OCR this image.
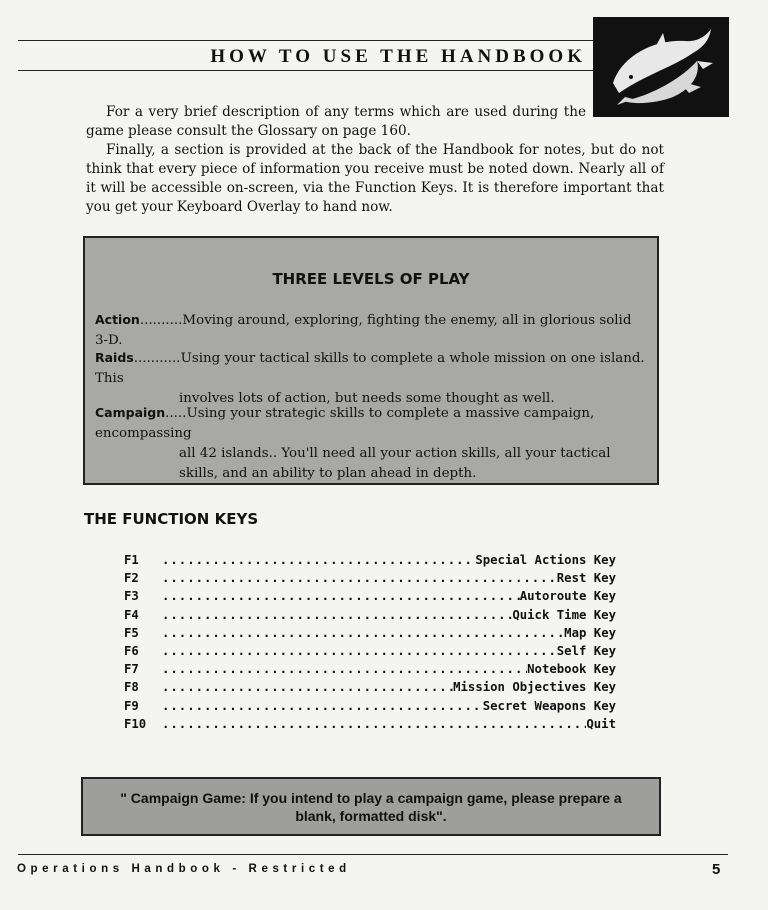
HOW TO USE THE HANDBOOK

For a very brief description of any terms which are used during the game please consult the Glossary on page 160.

Finally, a section is provided at the back of the Handbook for notes, but do not think that every piece of information you receive must be noted down. Nearly all of it will be accessible on-screen, via the Function Keys. It is therefore important that you get your Keyboard Overlay to hand now.

THREE LEVELS OF PLAY
Action..........Moving around, exploring, fighting the enemy, all in glorious solid 3-D.
Raids...........Using your tactical skills to complete a whole mission on one island. This
involves lots of action, but needs some thought as well.
Campaign.....Using your strategic skills to complete a massive campaign, encompassing
all 42 islands.. You'll need all your action skills, all your tactical skills, and an ability to plan ahead in depth.
THE FUNCTION KEYS
F1 .....	Special Actions Key
F2 .....	Rest Key
F3 .....	Autoroute Key
F4 .....	Quick Time Key
F5 .....	Map Key
F6 .....	Self Key
F7 .....	Notebook Key
F8 .....	Mission Objectives Key
F9 .....	Secret Weapons Key
F10 .....	Quit
" Campaign Game: If you intend to play a campaign game, please prepare a blank, formatted disk".
Operations Handbook - Restricted	5
